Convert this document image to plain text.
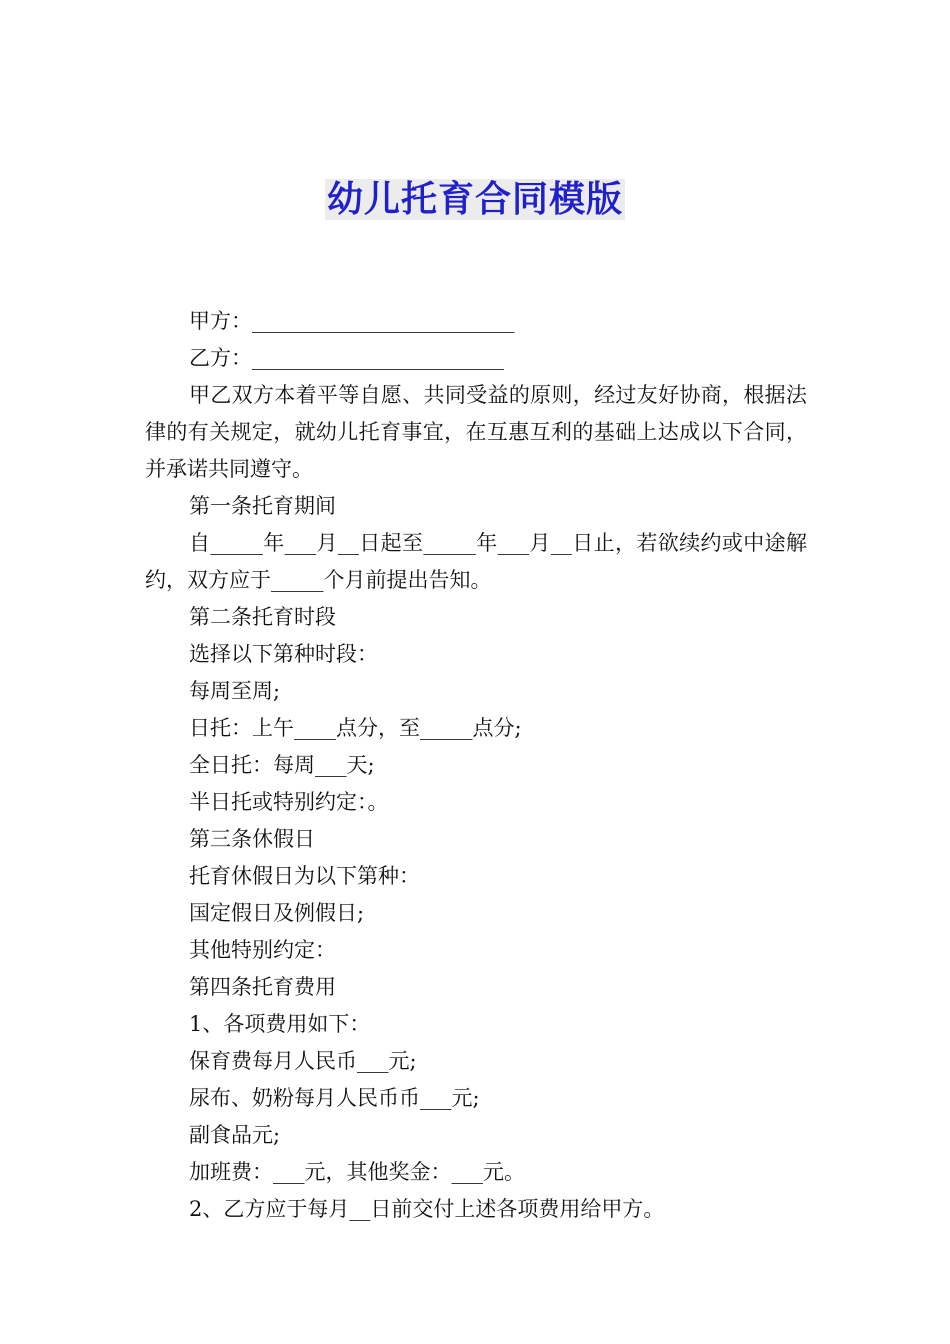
幼儿托育合同模版

甲方：_________________________

乙方：________________________

甲乙双方本着平等自愿、共同受益的原则，经过友好协商，根据法律的有关规定，就幼儿托育事宜，在互惠互利的基础上达成以下合同，并承诺共同遵守。

第一条托育期间

自_____年___月__日起至_____年___月__日止，若欲续约或中途解约，双方应于_____个月前提出告知。

第二条托育时段

选择以下第种时段：

每周至周;

日托：上午____点分，至_____点分;

全日托：每周___天;

半日托或特别约定：。

第三条休假日

托育休假日为以下第种：

国定假日及例假日;

其他特别约定：

第四条托育费用

1、各项费用如下：

保育费每月人民币___元;

尿布、奶粉每月人民币币___元;

副食品元;

加班费：___元，其他奖金：___元。

2、乙方应于每月__日前交付上述各项费用给甲方。
